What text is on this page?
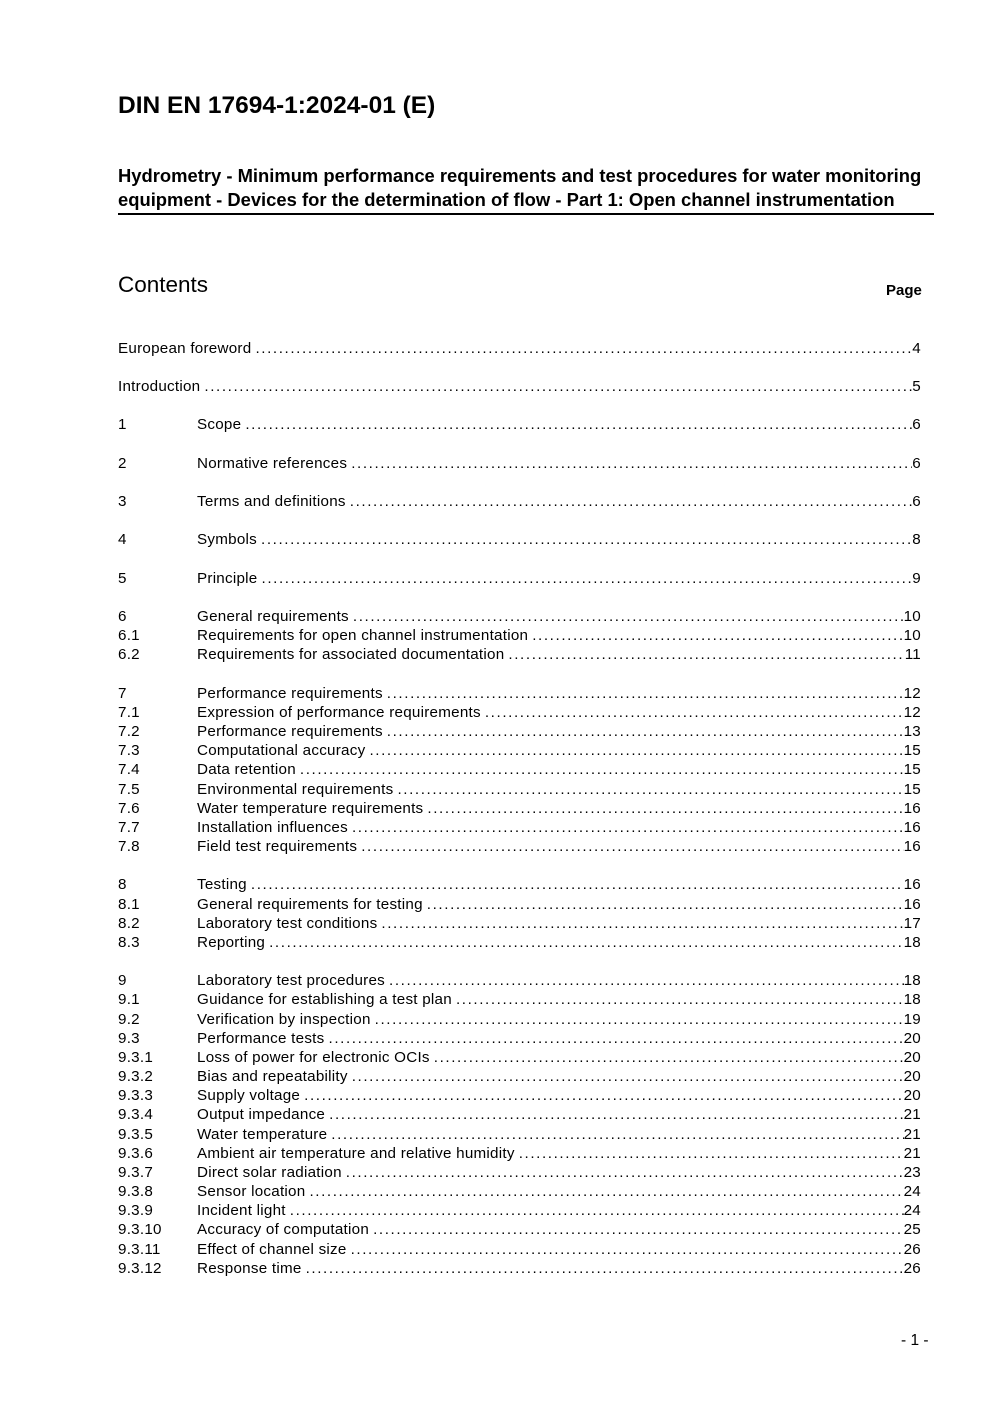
DIN EN 17694-1:2024-01 (E)

Hydrometry - Minimum performance requirements and test procedures for water monitoring equipment - Devices for the determination of flow - Part 1: Open channel instrumentation

Contents	Page
European foreword .....	4
Introduction .....	5
1	Scope .....	6
2	Normative references .....	6
3	Terms and definitions .....	6
4	Symbols .....	8
5	Principle .....	9
6	General requirements .....	10
6.1	Requirements for open channel instrumentation .....	10
6.2	Requirements for associated documentation .....	11
7	Performance requirements .....	12
7.1	Expression of performance requirements .....	12
7.2	Performance requirements .....	13
7.3	Computational accuracy .....	15
7.4	Data retention .....	15
7.5	Environmental requirements .....	15
7.6	Water temperature requirements .....	16
7.7	Installation influences .....	16
7.8	Field test requirements .....	16
8	Testing .....	16
8.1	General requirements for testing .....	16
8.2	Laboratory test conditions .....	17
8.3	Reporting .....	18
9	Laboratory test procedures .....	18
9.1	Guidance for establishing a test plan .....	18
9.2	Verification by inspection .....	19
9.3	Performance tests .....	20
9.3.1	Loss of power for electronic OCIs .....	20
9.3.2	Bias and repeatability .....	20
9.3.3	Supply voltage .....	20
9.3.4	Output impedance .....	21
9.3.5	Water temperature .....	21
9.3.6	Ambient air temperature and relative humidity .....	21
9.3.7	Direct solar radiation .....	23
9.3.8	Sensor location .....	24
9.3.9	Incident light .....	24
9.3.10	Accuracy of computation .....	25
9.3.11	Effect of channel size .....	26
9.3.12	Response time .....	26

- 1 -
